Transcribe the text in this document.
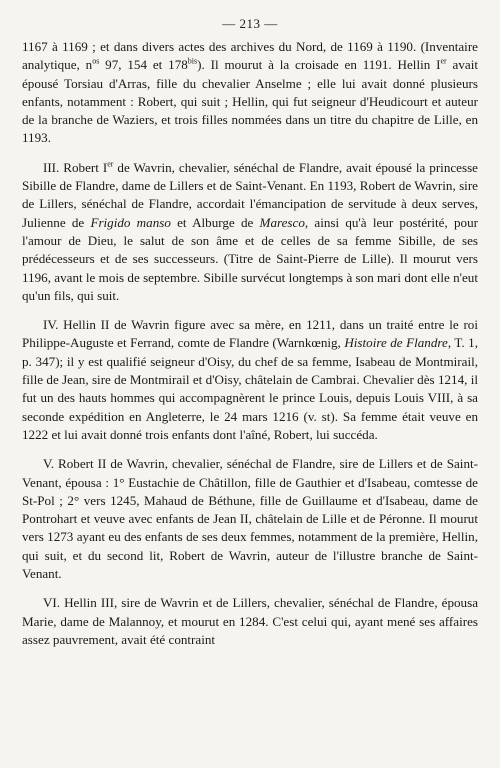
— 213 —

1167 à 1169 ; et dans divers actes des archives du Nord, de 1169 à 1190. (Inventaire analytique, $n^{os}$ 97, 154 et $178^{bis}$). Il mourut à la croisade en 1191. Hellin Ier avait épousé Torsiau d'Arras, fille du chevalier Anselme ; elle lui avait donné plusieurs enfants, notamment : Robert, qui suit ; Hellin, qui fut seigneur d'Heudicourt et auteur de la branche de Waziers, et trois filles nommées dans un titre du chapitre de Lille, en 1193.

III. Robert Ier de Wavrin, chevalier, sénéchal de Flandre, avait épousé la princesse Sibille de Flandre, dame de Lillers et de Saint-Venant. En 1193, Robert de Wavrin, sire de Lillers, sénéchal de Flandre, accordait l'émancipation de servitude à deux serves, Julienne de Frigido manso et Alburge de Maresco, ainsi qu'à leur postérité, pour l'amour de Dieu, le salut de son âme et de celles de sa femme Sibille, de ses prédécesseurs et de ses successeurs. (Titre de Saint-Pierre de Lille). Il mourut vers 1196, avant le mois de septembre. Sibille survécut longtemps à son mari dont elle n'eut qu'un fils, qui suit.

IV. Hellin II de Wavrin figure avec sa mère, en 1211, dans un traité entre le roi Philippe-Auguste et Ferrand, comte de Flandre (Warnkœnig, Histoire de Flandre, T. 1, p. 347); il y est qualifié seigneur d'Oisy, du chef de sa femme, Isabeau de Montmirail, fille de Jean, sire de Montmirail et d'Oisy, châtelain de Cambrai. Chevalier dès 1214, il fut un des hauts hommes qui accompagnèrent le prince Louis, depuis Louis VIII, à sa seconde expédition en Angleterre, le 24 mars 1216 (v. st). Sa femme était veuve en 1222 et lui avait donné trois enfants dont l'aîné, Robert, lui succéda.

V. Robert II de Wavrin, chevalier, sénéchal de Flandre, sire de Lillers et de Saint-Venant, épousa : 1° Eustachie de Châtillon, fille de Gauthier et d'Isabeau, comtesse de St-Pol ; 2° vers 1245, Mahaud de Béthune, fille de Guillaume et d'Isabeau, dame de Pontrohart et veuve avec enfants de Jean II, châtelain de Lille et de Péronne. Il mourut vers 1273 ayant eu des enfants de ses deux femmes, notamment de la première, Hellin, qui suit, et du second lit, Robert de Wavrin, auteur de l'illustre branche de Saint-Venant.

VI. Hellin III, sire de Wavrin et de Lillers, chevalier, sénéchal de Flandre, épousa Marie, dame de Malannoy, et mourut en 1284. C'est celui qui, ayant mené ses affaires assez pauvrement, avait été contraint
